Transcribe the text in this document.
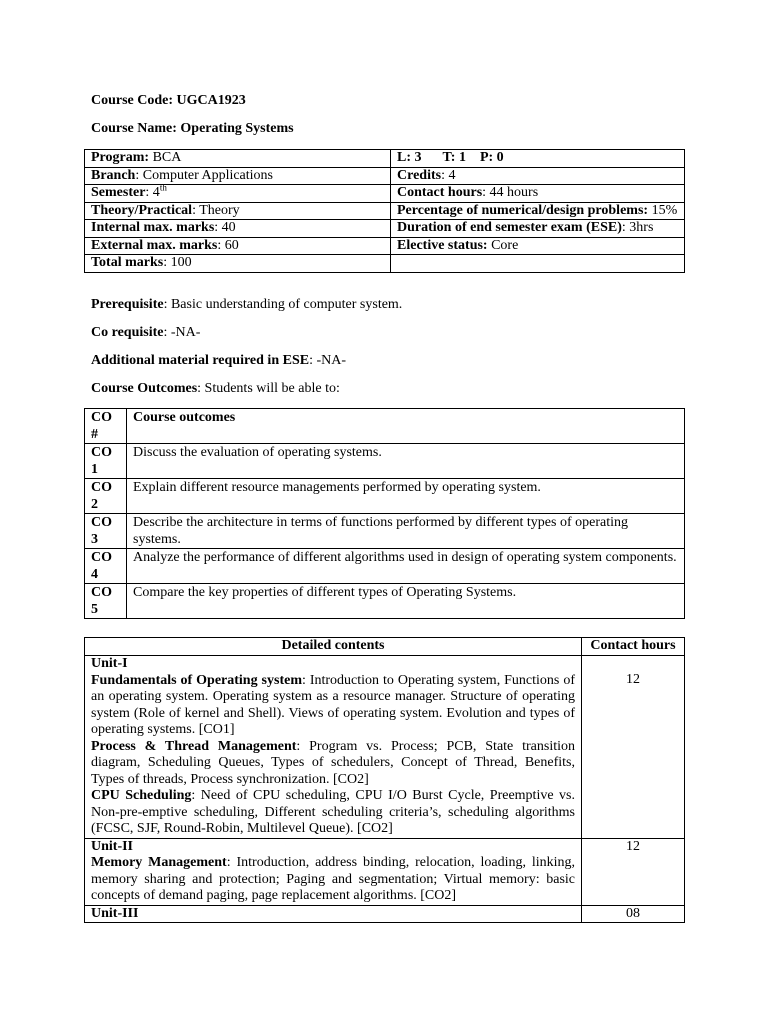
Course Code: UGCA1923
Course Name: Operating Systems
Program: BCA	L: 3 T: 1 P: 0
Branch: Computer Applications	Credits: 4
Semester: 4th	Contact hours: 44 hours
Theory/Practical: Theory	Percentage of numerical/design problems: 15%
Internal max. marks: 40	Duration of end semester exam (ESE): 3hrs
External max. marks: 60	Elective status: Core
Total marks: 100	
Prerequisite: Basic understanding of computer system.
Co requisite: -NA-
Additional material required in ESE: -NA-
Course Outcomes: Students will be able to:
CO #	Course outcomes
CO 1	Discuss the evaluation of operating systems.
CO 2	Explain different resource managements performed by operating system.
CO 3	Describe the architecture in terms of functions performed by different types of operating systems.
CO 4	Analyze the performance of different algorithms used in design of operating system components.
CO 5	Compare the key properties of different types of Operating Systems.
Detailed contents	Contact hours
Unit-I
Fundamentals of Operating system: Introduction to Operating system, Functions of an operating system. Operating system as a resource manager. Structure of operating system (Role of kernel and Shell). Views of operating system. Evolution and types of operating systems. [CO1]
Process & Thread Management: Program vs. Process; PCB, State transition diagram, Scheduling Queues, Types of schedulers, Concept of Thread, Benefits, Types of threads, Process synchronization. [CO2]
CPU Scheduling: Need of CPU scheduling, CPU I/O Burst Cycle, Preemptive vs. Non-pre-emptive scheduling, Different scheduling criteria’s, scheduling algorithms (FCSC, SJF, Round-Robin, Multilevel Queue). [CO2]	12
Unit-II
Memory Management: Introduction, address binding, relocation, loading, linking, memory sharing and protection; Paging and segmentation; Virtual memory: basic concepts of demand paging, page replacement algorithms. [CO2]	12
Unit-III	08
